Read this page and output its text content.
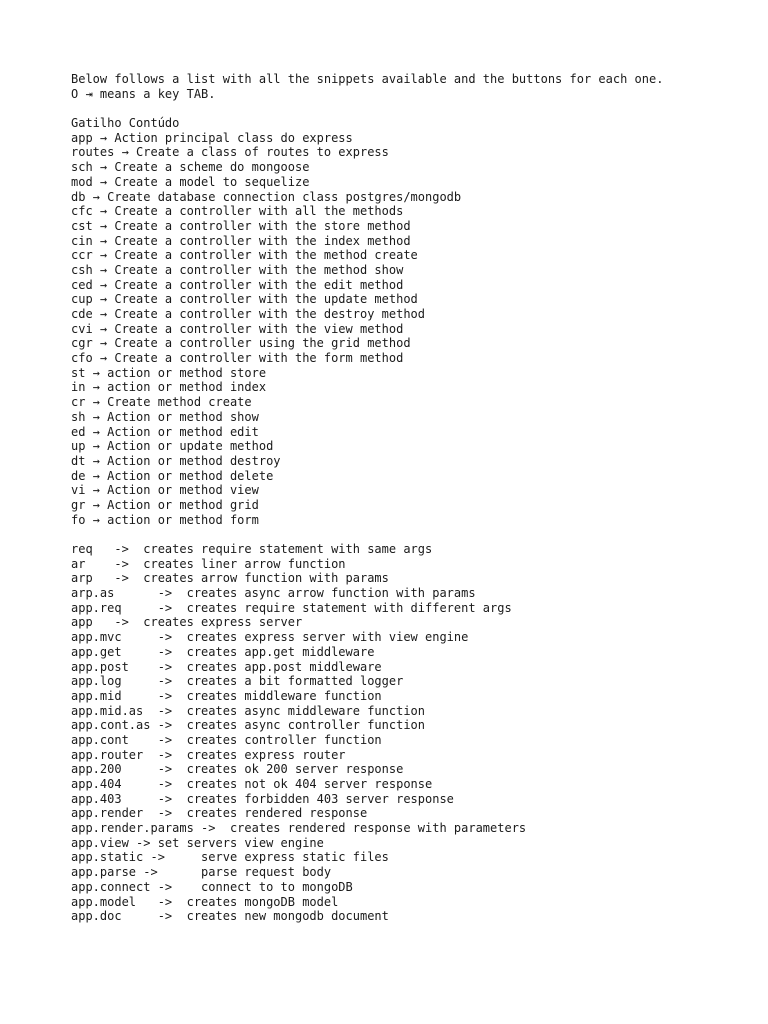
Below follows a list with all the snippets available and the buttons for each one.
O ⇥ means a key TAB.
Gatilho Contúdo
app → Action principal class do express
routes → Create a class of routes to express
sch → Create a scheme do mongoose
mod → Create a model to sequelize
db → Create database connection class postgres/mongodb
cfc → Create a controller with all the methods
cst → Create a controller with the store method
cin → Create a controller with the index method
ccr → Create a controller with the method create
csh → Create a controller with the method show
ced → Create a controller with the edit method
cup → Create a controller with the update method
cde → Create a controller with the destroy method
cvi → Create a controller with the view method
cgr → Create a controller using the grid method
cfo → Create a controller with the form method
st → action or method store
in → action or method index
cr → Create method create
sh → Action or method show
ed → Action or method edit
up → Action or update method
dt → Action or method destroy
de → Action or method delete
vi → Action or method view
gr → Action or method grid
fo → action or method form
req   ->  creates require statement with same args
ar    ->  creates liner arrow function
arp   ->  creates arrow function with params
arp.as      ->  creates async arrow function with params
app.req     ->  creates require statement with different args
app   ->  creates express server
app.mvc     ->  creates express server with view engine
app.get     ->  creates app.get middleware
app.post    ->  creates app.post middleware
app.log     ->  creates a bit formatted logger
app.mid     ->  creates middleware function
app.mid.as  ->  creates async middleware function
app.cont.as ->  creates async controller function
app.cont    ->  creates controller function
app.router  ->  creates express router
app.200     ->  creates ok 200 server response
app.404     ->  creates not ok 404 server response
app.403     ->  creates forbidden 403 server response
app.render  ->  creates rendered response
app.render.params ->  creates rendered response with parameters
app.view -> set servers view engine
app.static ->     serve express static files
app.parse ->      parse request body
app.connect ->    connect to to mongoDB
app.model   ->  creates mongoDB model
app.doc     ->  creates new mongodb document
